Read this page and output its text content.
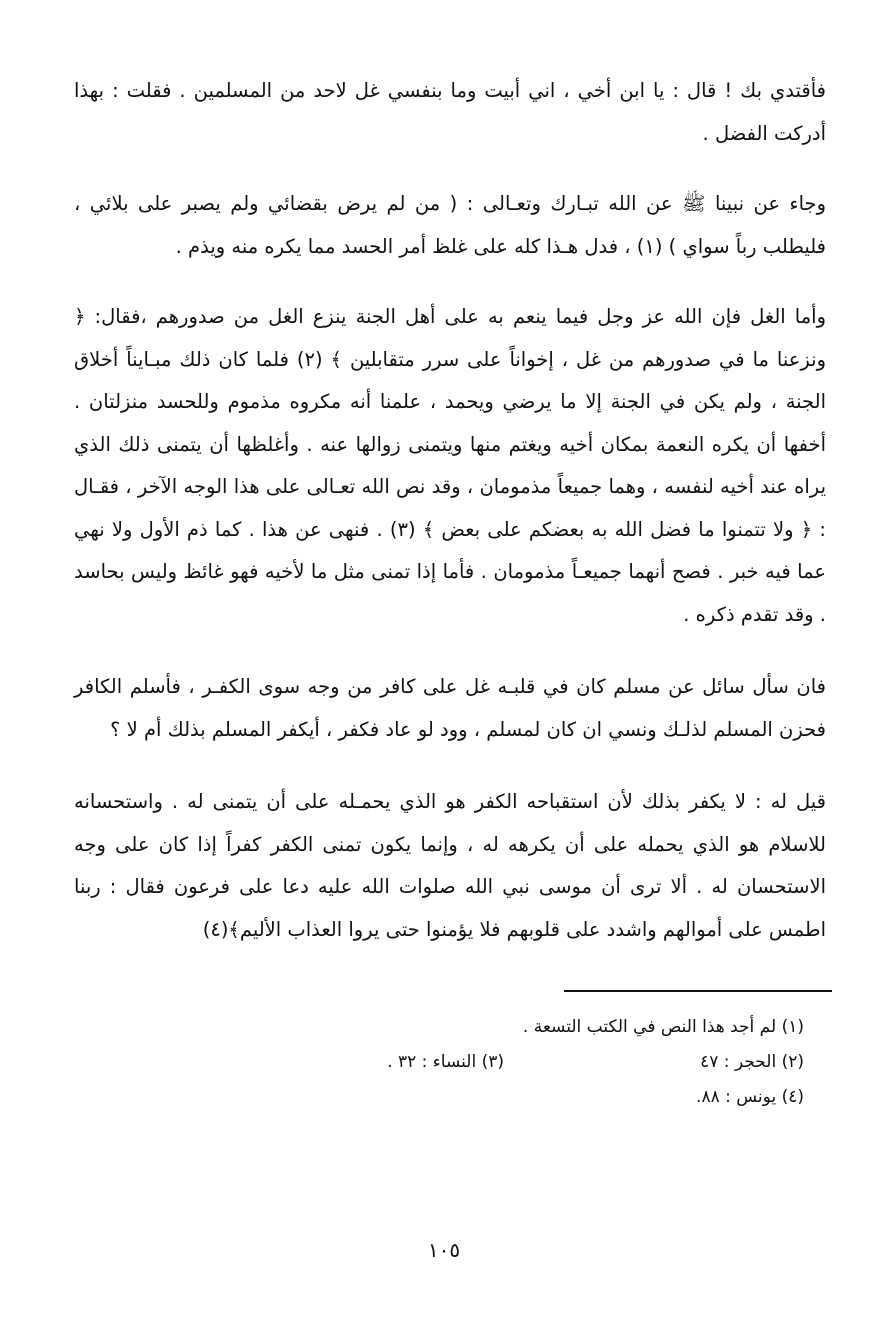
فأقتدي بك ! قال : يا ابن أخي ، اني أبيت وما بنفسي غل لاحد من المسلمين . فقلت : بهذا أدركت الفضل .

وجاء عن نبينا ﷺ عن الله تبـارك وتعـالى : ( من لم يرض بقضائي ولم يصبر على بلائي ، فليطلب رباً سواي ) (١) ، فدل هـذا كله على غلظ أمر الحسد مما يكره منه ويذم .

وأما الغل فإن الله عز وجل فيما ينعم به على أهل الجنة ينزع الغل من صدورهم ،فقال: ﴿ ونزعنا ما في صدورهم من غل ، إخواناً على سرر متقابلين ﴾ (٢) فلما كان ذلك مبـايناً أخلاق الجنة ، ولم يكن في الجنة إلا ما يرضي ويحمد ، علمنا أنه مكروه مذموم وللحسد منزلتان . أخفها أن يكره النعمة بمكان أخيه ويغتم منها ويتمنى زوالها عنه . وأغلظها أن يتمنى ذلك الذي يراه عند أخيه لنفسه ، وهما جميعاً مذمومان ، وقد نص الله تعـالى على هذا الوجه الآخر ، فقـال : ﴿ ولا تتمنوا ما فضل الله به بعضكم على بعض ﴾ (٣) . فنهى عن هذا . كما ذم الأول ولا نهي عما فيه خبر . فصح أنهما جميعـاً مذمومان . فأما إذا تمنى مثل ما لأخيه فهو غائظ وليس بحاسد . وقد تقدم ذكره .

فان سأل سائل عن مسلم كان في قلبـه غل على كافر من وجه سوى الكفـر ، فأسلم الكافر فحزن المسلم لذلـك ونسي ان كان لمسلم ، وود لو عاد فكفر ، أيكفر المسلم بذلك أم لا ؟

قيل له : لا يكفر بذلك لأن استقباحه الكفر هو الذي يحمـله على أن يتمنى له . واستحسانه للاسلام هو الذي يحمله على أن يكرهه له ، وإنما يكون تمنى الكفر كفراً إذا كان على وجه الاستحسان له . ألا ترى أن موسى نبي الله صلوات الله عليه دعا على فرعون فقال : ربنا اطمس على أموالهم واشدد على قلوبهم فلا يؤمنوا حتى يروا العذاب الأليم﴾(٤)

(١) لم أجد هذا النص في الكتب التسعة .
(٢) الحجر : ٤٧
(٣) النساء : ٣٢ .
(٤) يونس : ٨٨.
١٠٥
